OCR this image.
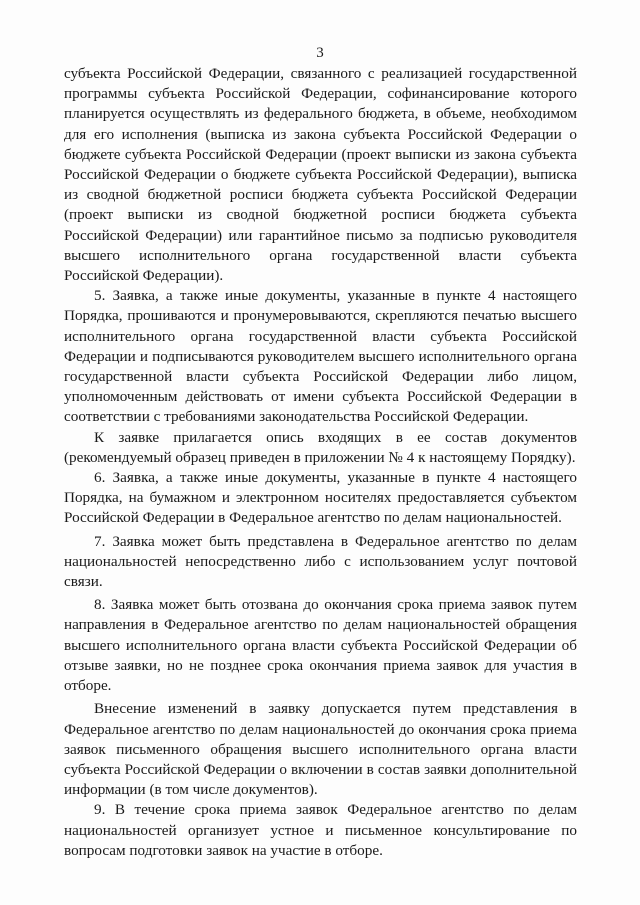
3

субъекта Российской Федерации, связанного с реализацией государственной программы субъекта Российской Федерации, софинансирование которого планируется осуществлять из федерального бюджета, в объеме, необходимом для его исполнения (выписка из закона субъекта Российской Федерации о бюджете субъекта Российской Федерации (проект выписки из закона субъекта Российской Федерации о бюджете субъекта Российской Федерации), выписка из сводной бюджетной росписи бюджета субъекта Российской Федерации (проект выписки из сводной бюджетной росписи бюджета субъекта Российской Федерации) или гарантийное письмо за подписью руководителя высшего исполнительного органа государственной власти субъекта Российской Федерации).

5. Заявка, а также иные документы, указанные в пункте 4 настоящего Порядка, прошиваются и пронумеровываются, скрепляются печатью высшего исполнительного органа государственной власти субъекта Российской Федерации и подписываются руководителем высшего исполнительного органа государственной власти субъекта Российской Федерации либо лицом, уполномоченным действовать от имени субъекта Российской Федерации в соответствии с требованиями законодательства Российской Федерации.

К заявке прилагается опись входящих в ее состав документов (рекомендуемый образец приведен в приложении № 4 к настоящему Порядку).

6. Заявка, а также иные документы, указанные в пункте 4 настоящего Порядка, на бумажном и электронном носителях предоставляется субъектом Российской Федерации в Федеральное агентство по делам национальностей.

7. Заявка может быть представлена в Федеральное агентство по делам национальностей непосредственно либо с использованием услуг почтовой связи.

8. Заявка может быть отозвана до окончания срока приема заявок путем направления в Федеральное агентство по делам национальностей обращения высшего исполнительного органа власти субъекта Российской Федерации об отзыве заявки, но не позднее срока окончания приема заявок для участия в отборе.

Внесение изменений в заявку допускается путем представления в Федеральное агентство по делам национальностей до окончания срока приема заявок письменного обращения высшего исполнительного органа власти субъекта Российской Федерации о включении в состав заявки дополнительной информации (в том числе документов).

9. В течение срока приема заявок Федеральное агентство по делам национальностей организует устное и письменное консультирование по вопросам подготовки заявок на участие в отборе.
